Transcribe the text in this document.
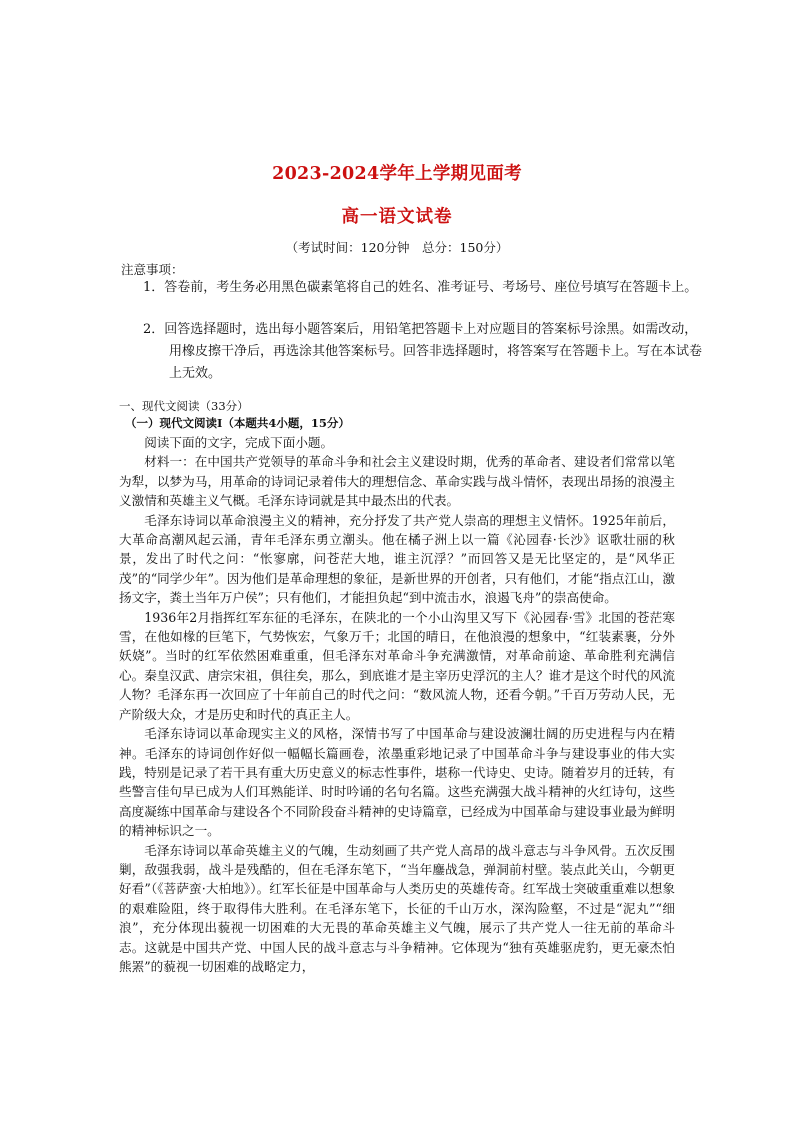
2023-2024学年上学期见面考
高一语文试卷
（考试时间：120分钟　总分：150分）
注意事项：
1．答卷前，考生务必用黑色碳素笔将自己的姓名、准考证号、考场号、座位号填写在答题卡上。
2．回答选择题时，选出每小题答案后，用铅笔把答题卡上对应题目的答案标号涂黑。如需改动，用橡皮擦干净后，再选涂其他答案标号。回答非选择题时，将答案写在答题卡上。写在本试卷上无效。
一、现代文阅读（33分）
（一）现代文阅读Ⅰ（本题共4小题，15分）

阅读下面的文字，完成下面小题。

材料一：在中国共产党领导的革命斗争和社会主义建设时期，优秀的革命者、建设者们常常以笔为犁，以梦为马，用革命的诗词记录着伟大的理想信念、革命实践与战斗情怀，表现出昂扬的浪漫主义激情和英雄主义气概。毛泽东诗词就是其中最杰出的代表。

毛泽东诗词以革命浪漫主义的精神，充分抒发了共产党人崇高的理想主义情怀。1925年前后，大革命高潮风起云涌，青年毛泽东勇立潮头。他在橘子洲上以一篇《沁园春·长沙》讴歌壮丽的秋景，发出了时代之问：“怅寥廓，问苍茫大地，谁主沉浮？”而回答又是无比坚定的，是“风华正茂”的“同学少年”。因为他们是革命理想的象征，是新世界的开创者，只有他们，才能“指点江山，激扬文字，粪土当年万户侯”；只有他们，才能担负起“到中流击水，浪遏飞舟”的崇高使命。

1936年2月指挥红军东征的毛泽东，在陕北的一个小山沟里又写下《沁园春·雪》北国的苍茫寒雪，在他如椽的巨笔下，气势恢宏，气象万千；北国的晴日，在他浪漫的想象中，“红装素裹，分外妖娆”。当时的红军依然困难重重，但毛泽东对革命斗争充满激情，对革命前途、革命胜利充满信心。秦皇汉武、唐宗宋祖，俱往矣，那么，到底谁才是主宰历史浮沉的主人？谁才是这个时代的风流人物？毛泽东再一次回应了十年前自己的时代之问：“数风流人物，还看今朝。”千百万劳动人民，无产阶级大众，才是历史和时代的真正主人。

毛泽东诗词以革命现实主义的风格，深情书写了中国革命与建设波澜壮阔的历史进程与内在精神。毛泽东的诗词创作好似一幅幅长篇画卷，浓墨重彩地记录了中国革命斗争与建设事业的伟大实践，特别是记录了若干具有重大历史意义的标志性事件，堪称一代诗史、史诗。随着岁月的迁转，有些警言佳句早已成为人们耳熟能详、时时吟诵的名句名篇。这些充满强大战斗精神的火红诗句，这些高度凝练中国革命与建设各个不同阶段奋斗精神的史诗篇章，已经成为中国革命与建设事业最为鲜明的精神标识之一。

毛泽东诗词以革命英雄主义的气魄，生动刻画了共产党人高昂的战斗意志与斗争风骨。五次反围剿，敌强我弱，战斗是残酷的，但在毛泽东笔下，“当年鏖战急，弹洞前村壁。装点此关山，今朝更好看”（《菩萨蛮·大柏地》）。红军长征是中国革命与人类历史的英雄传奇。红军战士突破重重难以想象的艰难险阻，终于取得伟大胜利。在毛泽东笔下，长征的千山万水，深沟险壑，不过是“泥丸”“细浪”，充分体现出藐视一切困难的大无畏的革命英雄主义气魄，展示了共产党人一往无前的革命斗志。这就是中国共产党、中国人民的战斗意志与斗争精神。它体现为“独有英雄驱虎豹，更无豪杰怕熊罴”的藐视一切困难的战略定力，
